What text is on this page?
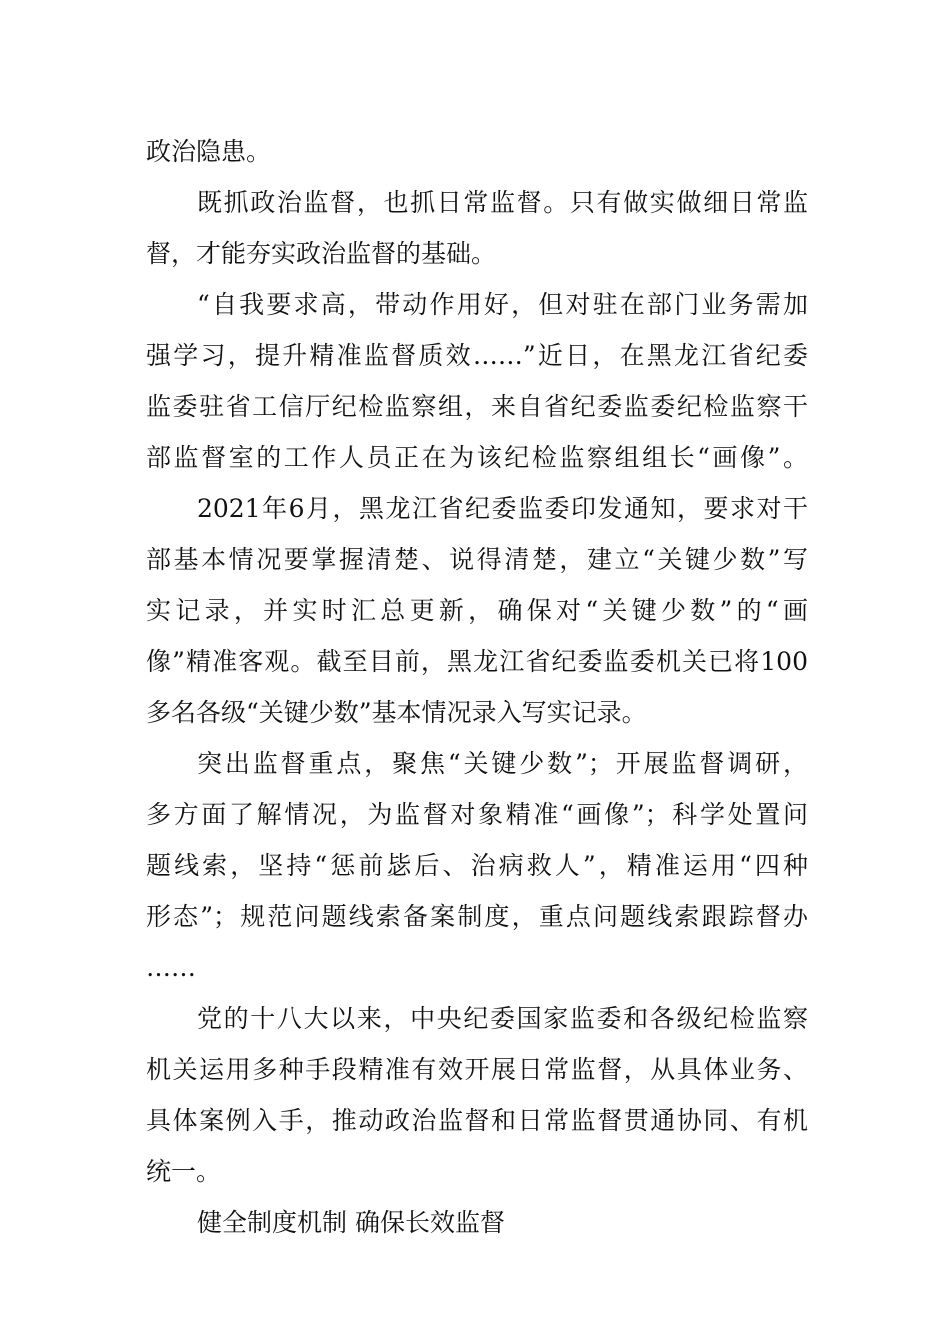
政治隐患。
既抓政治监督，也抓日常监督。只有做实做细日常监
督，才能夯实政治监督的基础。
“自我要求高，带动作用好，但对驻在部门业务需加
强学习，提升精准监督质效……”近日，在黑龙江省纪委
监委驻省工信厅纪检监察组，来自省纪委监委纪检监察干
部监督室的工作人员正在为该纪检监察组组长“画像”。
2021年6月，黑龙江省纪委监委印发通知，要求对干
部基本情况要掌握清楚、说得清楚，建立“关键少数”写
实记录，并实时汇总更新，确保对“关键少数”的“画
像”精准客观。截至目前，黑龙江省纪委监委机关已将100
多名各级“关键少数”基本情况录入写实记录。
突出监督重点，聚焦“关键少数”；开展监督调研，
多方面了解情况，为监督对象精准“画像”；科学处置问
题线索，坚持“惩前毖后、治病救人”，精准运用“四种
形态”；规范问题线索备案制度，重点问题线索跟踪督办
……
党的十八大以来，中央纪委国家监委和各级纪检监察
机关运用多种手段精准有效开展日常监督，从具体业务、
具体案例入手，推动政治监督和日常监督贯通协同、有机
统一。
健全制度机制 确保长效监督
